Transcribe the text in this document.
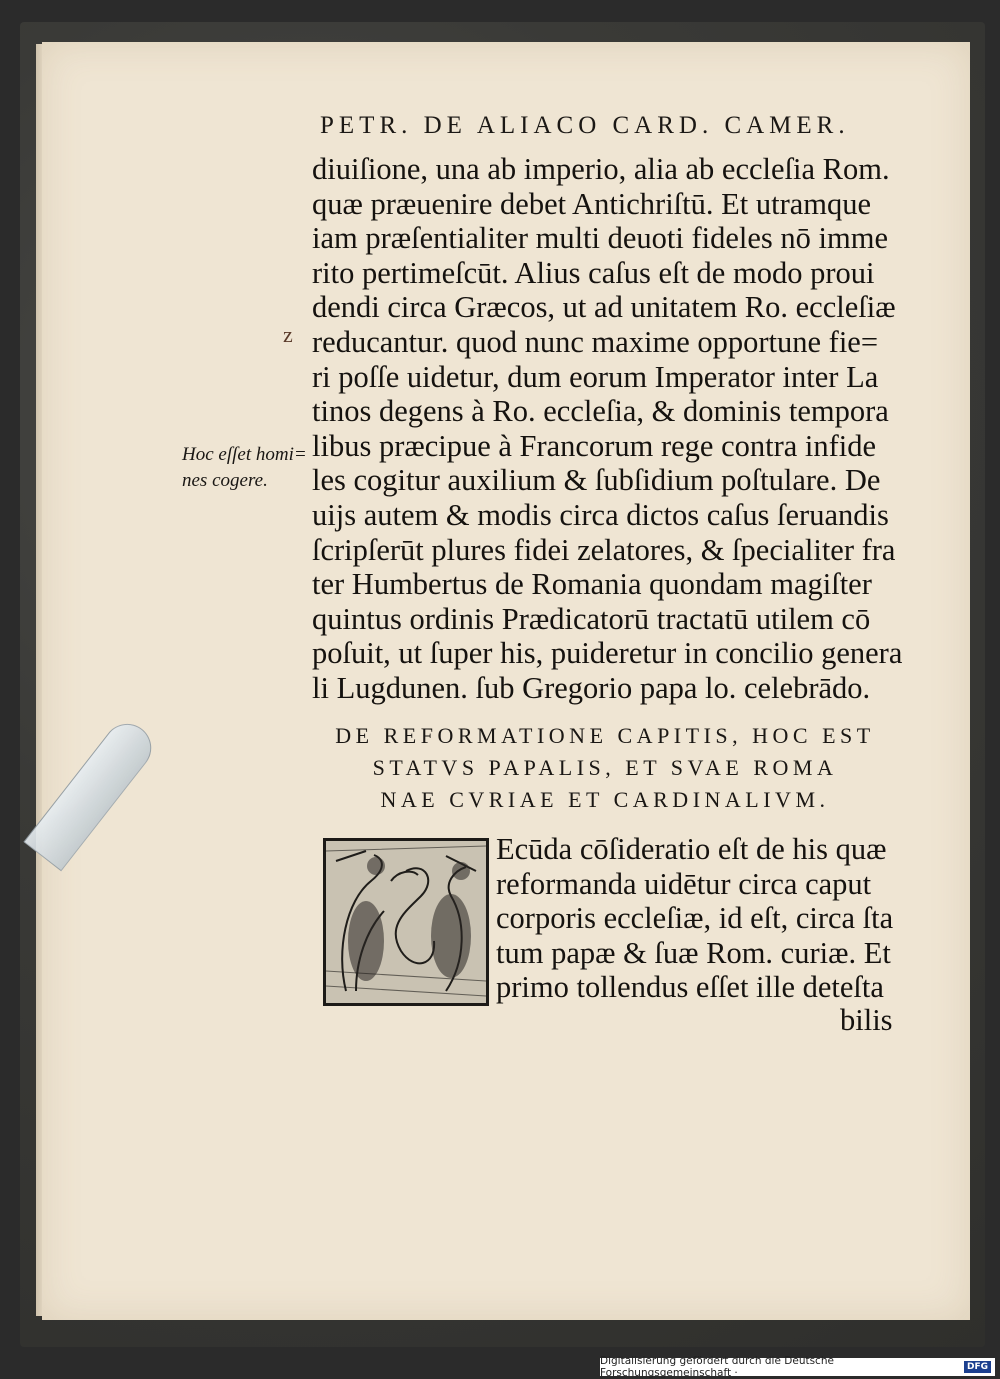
PETR. DE ALIACO CARD. CAMER.
diuiſione, una ab imperio, alia ab eccleſia Rom.
quæ præuenire debet Antichriſtū. Et utramque
iam præſentialiter multi deuoti fideles nō imme
rito pertimeſcūt. Alius caſus eſt de modo proui
dendi circa Græcos, ut ad unitatem Ro. eccleſiæ
reducantur. quod nunc maxime opportune fie=
ri poſſe uidetur, dum eorum Imperator inter La
tinos degens à Ro. eccleſia, & dominis tempora
libus præcipue à Francorum rege contra infide
les cogitur auxilium & ſubſidium poſtulare. De
uijs autem & modis circa dictos caſus ſeruandis
ſcripſerūt plures fidei zelatores, & ſpecialiter fra
ter Humbertus de Romania quondam magiſter
quintus ordinis Prædicatorū tractatū utilem cō
poſuit, ut ſuper his, puideretur in concilio genera
li Lugdunen. ſub Gregorio papa lo. celebrādo.
z
Hoc eſſet homi=
nes cogere.
DE REFORMATIONE CAPITIS, HOC EST
STATVS PAPALIS, ET SVAE ROMA
NAE CVRIAE ET CARDINALIVM.
Ecūda cōſideratio eſt de his quæ
reformanda uidētur circa caput
corporis eccleſiæ, id eſt, circa ſta
tum papæ & ſuæ Rom. curiæ. Et
primo tollendus eſſet ille deteſta
bilis
Digitalisierung gefördert durch die Deutsche Forschungsgemeinschaft ·	DFG
